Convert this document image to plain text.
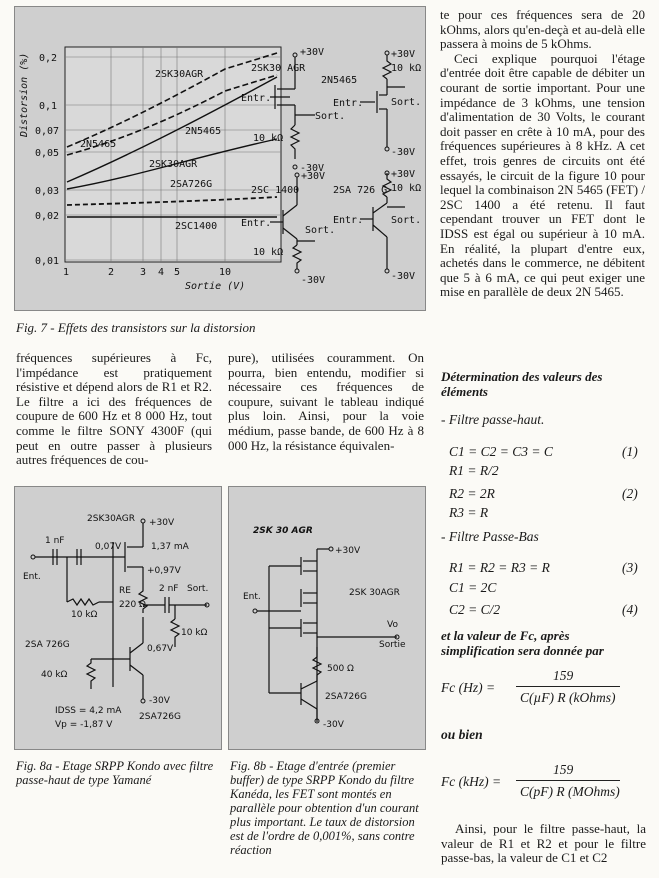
0,2
0,1
0,07
0,05
0,03
0,02
0,01
1	2	3 4 5	10
Sortie (V)
Distorsion (%)	2SK30AGR
2N5465
2N5465
2SK30AGR
2SA726G
2SC1400
+30V
2SK30 AGR
Entr.
Sort.
10 kΩ
-30V
+30V
10 kΩ
2N5465
Entr.	Sort.
-30V
+30V
2SC 1400
Entr.
Sort.
10 kΩ
-30V
+30V
10 kΩ
2SA 726 G
Entr.	Sort.
-30V
Fig. 7 - Effets des transistors sur la distorsion

te pour ces fréquences sera de 20 kOhms, alors qu'en-deçà et au-delà elle passera à moins de 5 kOhms.

Ceci explique pourquoi l'étage d'entrée doit être capable de débiter un courant de sortie important. Pour une impédance de 3 kOhms, une tension d'alimentation de 30 Volts, le courant doit passer en crête à 10 mA, pour des fréquences supérieures à 8 kHz. A cet effet, trois genres de circuits ont été essayés, le circuit de la figure 10 pour lequel la combinaison 2N 5465 (FET) / 2SC 1400 a été retenu. Il faut cependant trouver un FET dont le IDSS est égal ou supérieur à 10 mA. En réalité, la plupart d'entre eux, achetés dans le commerce, ne débitent que 5 à 6 mA, ce qui peut exiger une mise en parallèle de deux 2N 5465.

fréquences supérieures à Fc, l'impédance est pratiquement résistive et dépend alors de R1 et R2. Le filtre a ici des fréquences de coupure de 600 Hz et 8 000 Hz, tout comme le filtre SONY 4300F (qui peut en outre passer à plusieurs autres fréquences de cou-

pure), utilisées couramment. On pourra, bien entendu, modifier si nécessaire ces fréquences de coupure, suivant le tableau indiqué plus loin. Ainsi, pour la voie médium, passe bande, de 600 Hz à 8 000 Hz, la résistance équivalen-

Détermination des valeurs des éléments
- Filtre passe-haut.
C1 = C2 = C3 = C	(1)
R1 = R/2
R2 = 2R	(2)
R3 = R
- Filtre Passe-Bas
R1 = R2 = R3 = R	(3)
C1 = 2C
C2 = C/2	(4)
et la valeur de Fc, après simplification sera donnée par
Fc (Hz) =
159
C(µF) R (kOhms)
ou bien
Fc (kHz) =
159
C(pF) R (MOhms)

Ainsi, pour le filtre passe-haut, la valeur de R1 et R2 et pour le filtre passe-bas, la valeur de C1 et C2

2SK30AGR +30V
1 nF
0,07V	1,37 mA
+0,97V
Ent.
10 kΩ
RE
220 Ω
2 nF Sort.
10 kΩ
0,67V
2SA 726G
40 kΩ
-30V
IDSS = 4,2 mA
Vp = -1,87 V
2SA726G
Fig. 8a - Etage SRPP Kondo avec filtre passe-haut de type Yamané
2SK 30 AGR
+30V
2SK 30AGR
Ent.
Vo
Sortie
500 Ω
2SA726G
-30V
Fig. 8b - Etage d'entrée (premier buffer) de type SRPP Kondo du filtre Kanéda, les FET sont montés en parallèle pour obtention d'un courant plus important. Le taux de distorsion est de l'ordre de 0,001%, sans contre réaction
